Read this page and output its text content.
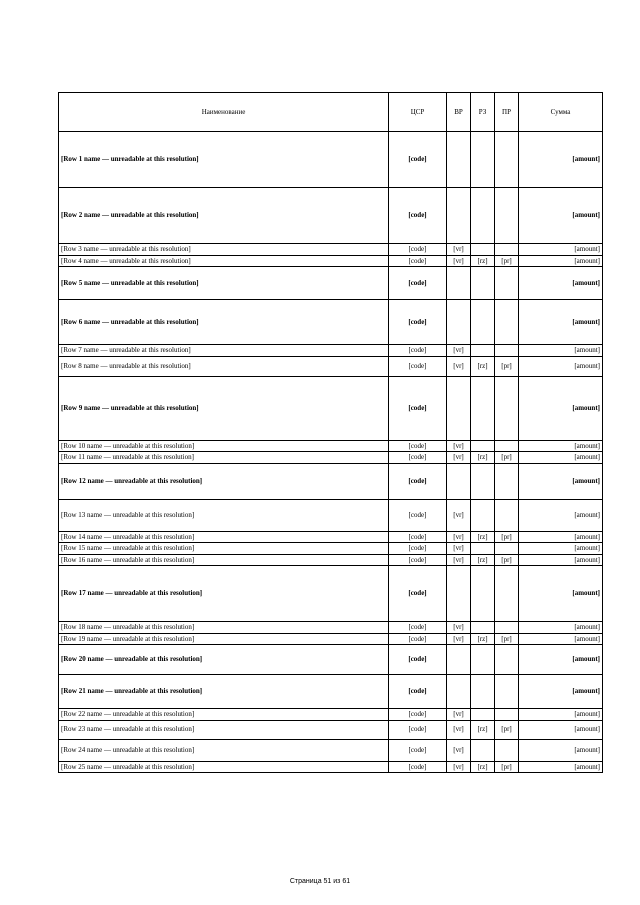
Наименование	ЦСР	ВР	РЗ	ПР	Сумма
[Row 1 name — unreadable at this resolution]	[code]				[amount]
[Row 2 name — unreadable at this resolution]	[code]				[amount]
[Row 3 name — unreadable at this resolution]	[code]	[vr]			[amount]
[Row 4 name — unreadable at this resolution]	[code]	[vr]	[rz]	[pr]	[amount]
[Row 5 name — unreadable at this resolution]	[code]				[amount]
[Row 6 name — unreadable at this resolution]	[code]				[amount]
[Row 7 name — unreadable at this resolution]	[code]	[vr]			[amount]
[Row 8 name — unreadable at this resolution]	[code]	[vr]	[rz]	[pr]	[amount]
[Row 9 name — unreadable at this resolution]	[code]				[amount]
[Row 10 name — unreadable at this resolution]	[code]	[vr]			[amount]
[Row 11 name — unreadable at this resolution]	[code]	[vr]	[rz]	[pr]	[amount]
[Row 12 name — unreadable at this resolution]	[code]				[amount]
[Row 13 name — unreadable at this resolution]	[code]	[vr]			[amount]
[Row 14 name — unreadable at this resolution]	[code]	[vr]	[rz]	[pr]	[amount]
[Row 15 name — unreadable at this resolution]	[code]	[vr]			[amount]
[Row 16 name — unreadable at this resolution]	[code]	[vr]	[rz]	[pr]	[amount]
[Row 17 name — unreadable at this resolution]	[code]				[amount]
[Row 18 name — unreadable at this resolution]	[code]	[vr]			[amount]
[Row 19 name — unreadable at this resolution]	[code]	[vr]	[rz]	[pr]	[amount]
[Row 20 name — unreadable at this resolution]	[code]				[amount]
[Row 21 name — unreadable at this resolution]	[code]				[amount]
[Row 22 name — unreadable at this resolution]	[code]	[vr]			[amount]
[Row 23 name — unreadable at this resolution]	[code]	[vr]	[rz]	[pr]	[amount]
[Row 24 name — unreadable at this resolution]	[code]	[vr]			[amount]
[Row 25 name — unreadable at this resolution]	[code]	[vr]	[rz]	[pr]	[amount]
Страница 51 из 61
